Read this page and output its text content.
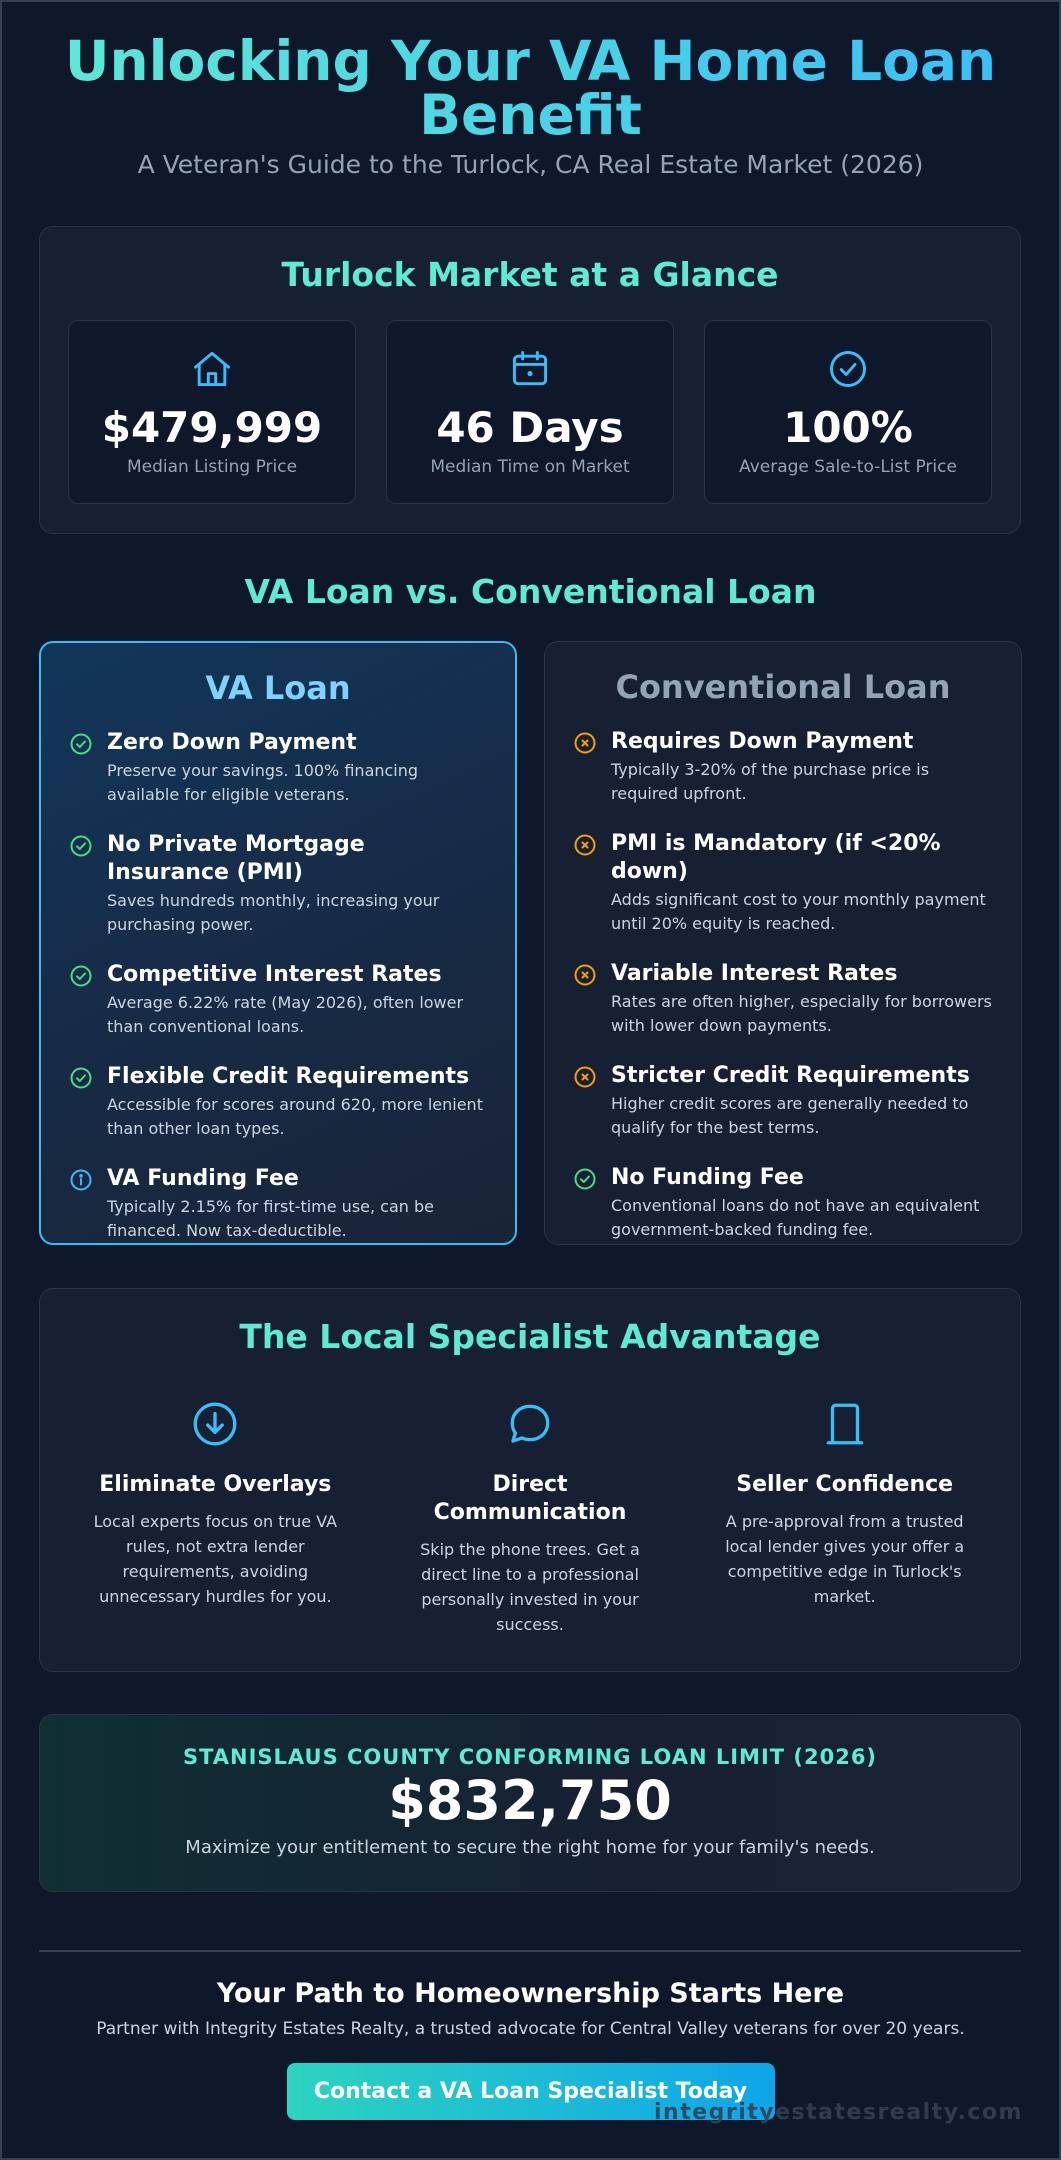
Unlocking Your VA Home Loan Benefit
A Veteran's Guide to the Turlock, CA Real Estate Market (2026)
Turlock Market at a Glance
$479,999
Median Listing Price
46 Days
Median Time on Market
100%
Average Sale-to-List Price
VA Loan vs. Conventional Loan
VA Loan
Zero Down Payment
Preserve your savings. 100% financing available for eligible veterans.
No Private Mortgage Insurance (PMI)
Saves hundreds monthly, increasing your purchasing power.
Competitive Interest Rates
Average 6.22% rate (May 2026), often lower than conventional loans.
Flexible Credit Requirements
Accessible for scores around 620, more lenient than other loan types.
VA Funding Fee
Typically 2.15% for first-time use, can be financed. Now tax-deductible.
Conventional Loan
Requires Down Payment
Typically 3-20% of the purchase price is required upfront.
PMI is Mandatory (if <20% down)
Adds significant cost to your monthly payment until 20% equity is reached.
Variable Interest Rates
Rates are often higher, especially for borrowers with lower down payments.
Stricter Credit Requirements
Higher credit scores are generally needed to qualify for the best terms.
No Funding Fee
Conventional loans do not have an equivalent government-backed funding fee.
The Local Specialist Advantage
Eliminate Overlays
Local experts focus on true VA rules, not extra lender requirements, avoiding unnecessary hurdles for you.
Direct Communication
Skip the phone trees. Get a direct line to a professional personally invested in your success.
Seller Confidence
A pre-approval from a trusted local lender gives your offer a competitive edge in Turlock's market.
STANISLAUS COUNTY CONFORMING LOAN LIMIT (2026)
$832,750
Maximize your entitlement to secure the right home for your family's needs.
Your Path to Homeownership Starts Here
Partner with Integrity Estates Realty, a trusted advocate for Central Valley veterans for over 20 years.
Contact a VA Loan Specialist Today
integrityestatesrealty.com
